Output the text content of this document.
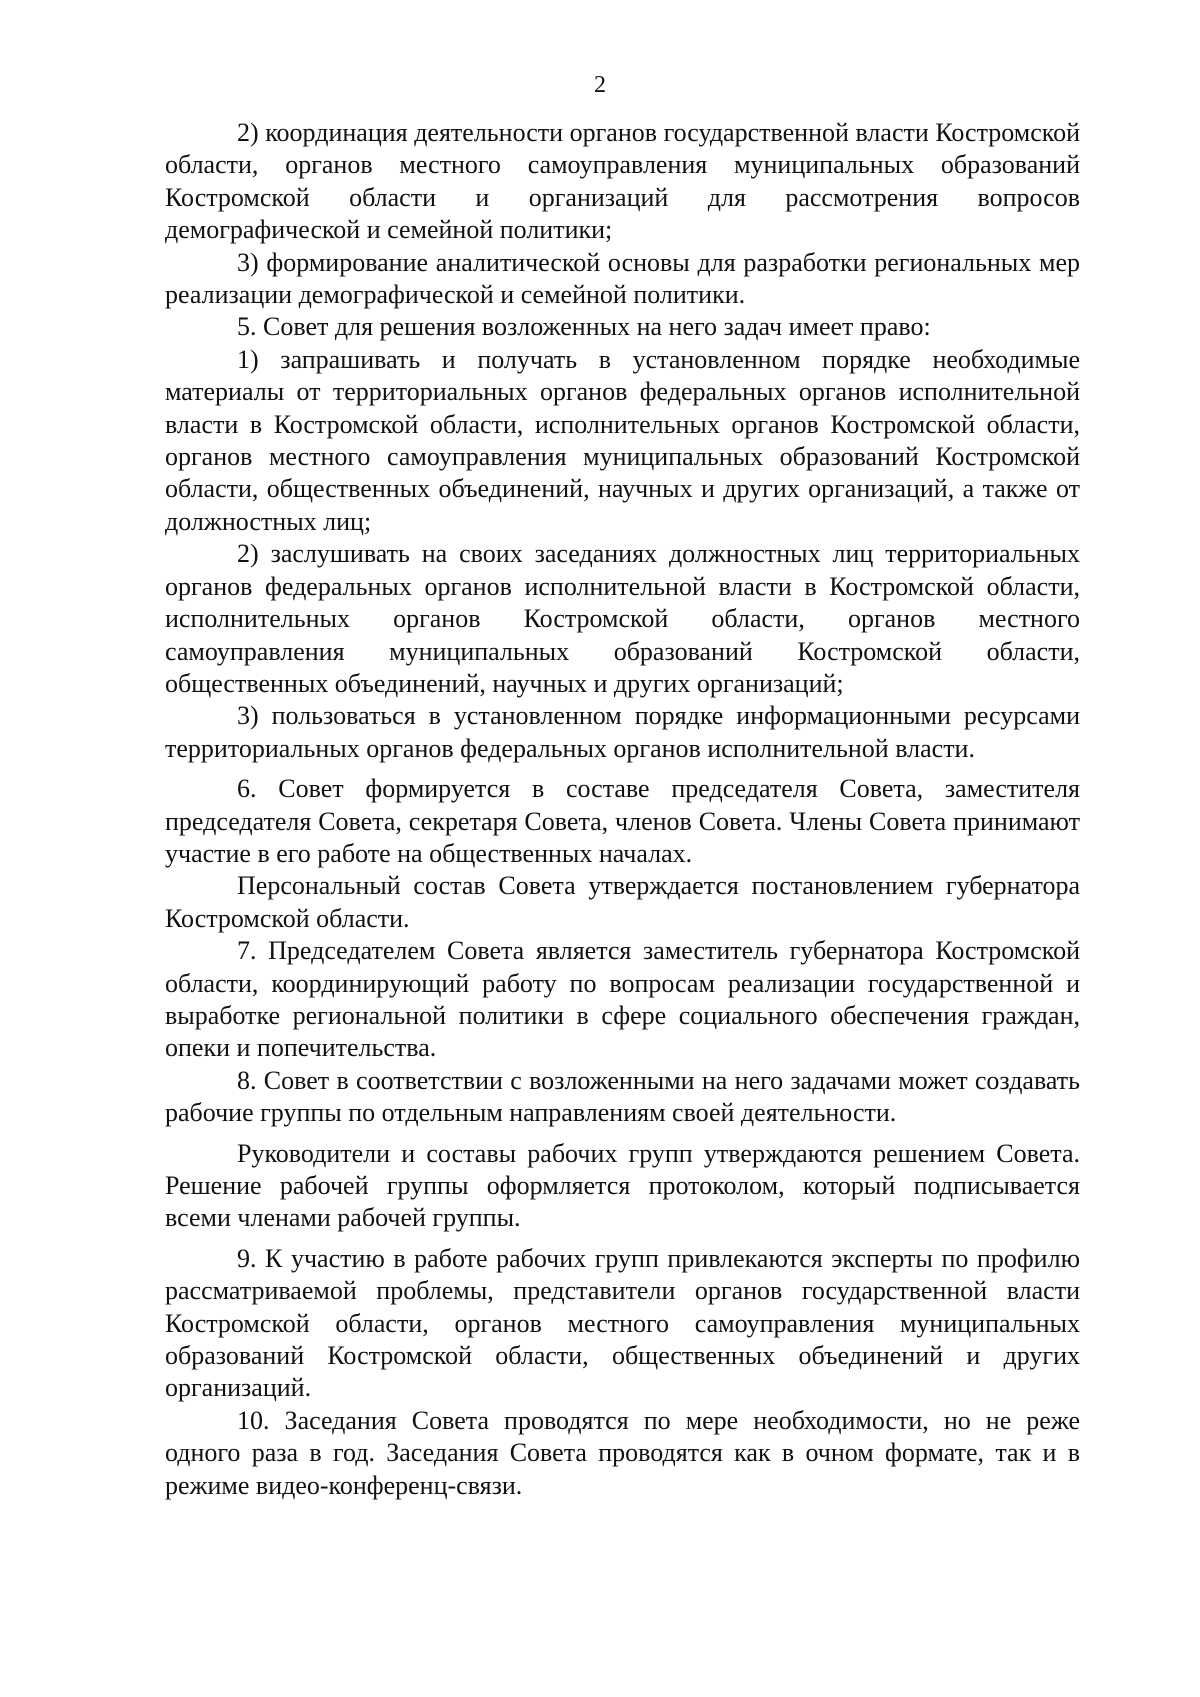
2

2) координация деятельности органов государственной власти Костромской области, органов местного самоуправления муниципальных образований Костромской области и организаций для рассмотрения вопросов демографической и семейной политики;

3) формирование аналитической основы для разработки региональных мер реализации демографической и семейной политики.

5. Совет для решения возложенных на него задач имеет право:

1) запрашивать и получать в установленном порядке необходимые материалы от территориальных органов федеральных органов исполнительной власти в Костромской области, исполнительных органов Костромской области, органов местного самоуправления муниципальных образований Костромской области, общественных объединений, научных и других организаций, а также от должностных лиц;

2) заслушивать на своих заседаниях должностных лиц территориальных органов федеральных органов исполнительной власти в Костромской области, исполнительных органов Костромской области, органов местного самоуправления муниципальных образований Костромской области, общественных объединений, научных и других организаций;

3) пользоваться в установленном порядке информационными ресурсами территориальных органов федеральных органов исполнительной власти.

6. Совет формируется в составе председателя Совета, заместителя председателя Совета, секретаря Совета, членов Совета. Члены Совета принимают участие в его работе на общественных началах.

Персональный состав Совета утверждается постановлением губернатора Костромской области.

7. Председателем Совета является заместитель губернатора Костромской области, координирующий работу по вопросам реализации государственной и выработке региональной политики в сфере социального обеспечения граждан, опеки и попечительства.

8. Совет в соответствии с возложенными на него задачами может создавать рабочие группы по отдельным направлениям своей деятельности.

Руководители и составы рабочих групп утверждаются решением Совета. Решение рабочей группы оформляется протоколом, который подписывается всеми членами рабочей группы.

9. К участию в работе рабочих групп привлекаются эксперты по профилю рассматриваемой проблемы, представители органов государственной власти Костромской области, органов местного самоуправления муниципальных образований Костромской области, общественных объединений и других организаций.

10. Заседания Совета проводятся по мере необходимости, но не реже одного раза в год. Заседания Совета проводятся как в очном формате, так и в режиме видео-конференц-связи.
